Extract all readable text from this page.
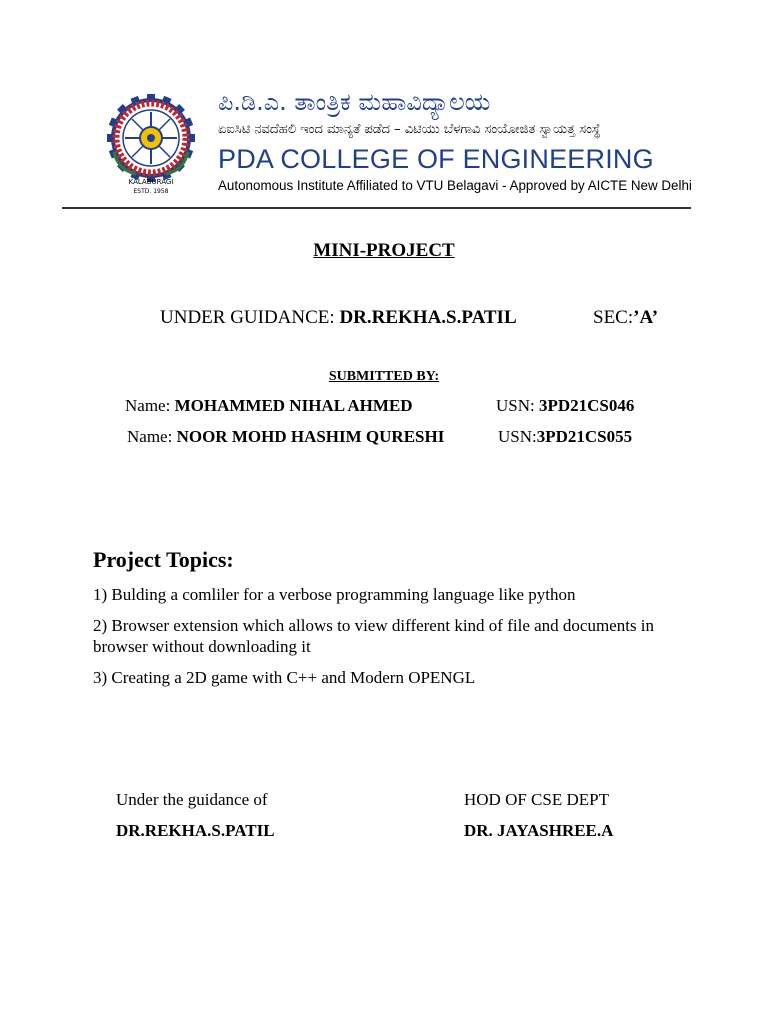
KALABURAGI
ESTD. 1958
ಪಿ.ಡಿ.ಎ. ತಾಂತ್ರಿಕ ಮಹಾವಿದ್ಯಾಲಯ
ಏಐಸಿಟಿ ನವದೆಹಲಿ ಇಂದ ಮಾನ್ಯತೆ ಪಡೆದ – ವಿಟಿಯು ಬೆಳಗಾವಿ ಸಂಯೋಜಿತ ಸ್ವಾಯತ್ತ ಸಂಸ್ಥೆ
PDA COLLEGE OF ENGINEERING
Autonomous Institute Affiliated to VTU Belagavi - Approved by AICTE New Delhi
MINI-PROJECT
UNDER GUIDANCE: DR.REKHA.S.PATIL	SEC:’A’
SUBMITTED BY:
Name: MOHAMMED NIHAL AHMED	USN: 3PD21CS046
Name: NOOR MOHD HASHIM QURESHI	USN:3PD21CS055
Project Topics:
1) Bulding a comliler for a verbose programming language like python
2) Browser extension which allows to view different kind of file and documents in browser without downloading it
3) Creating a 2D game with C++ and Modern OPENGL
Under the guidance of
DR.REKHA.S.PATIL
HOD OF CSE DEPT
DR. JAYASHREE.A
